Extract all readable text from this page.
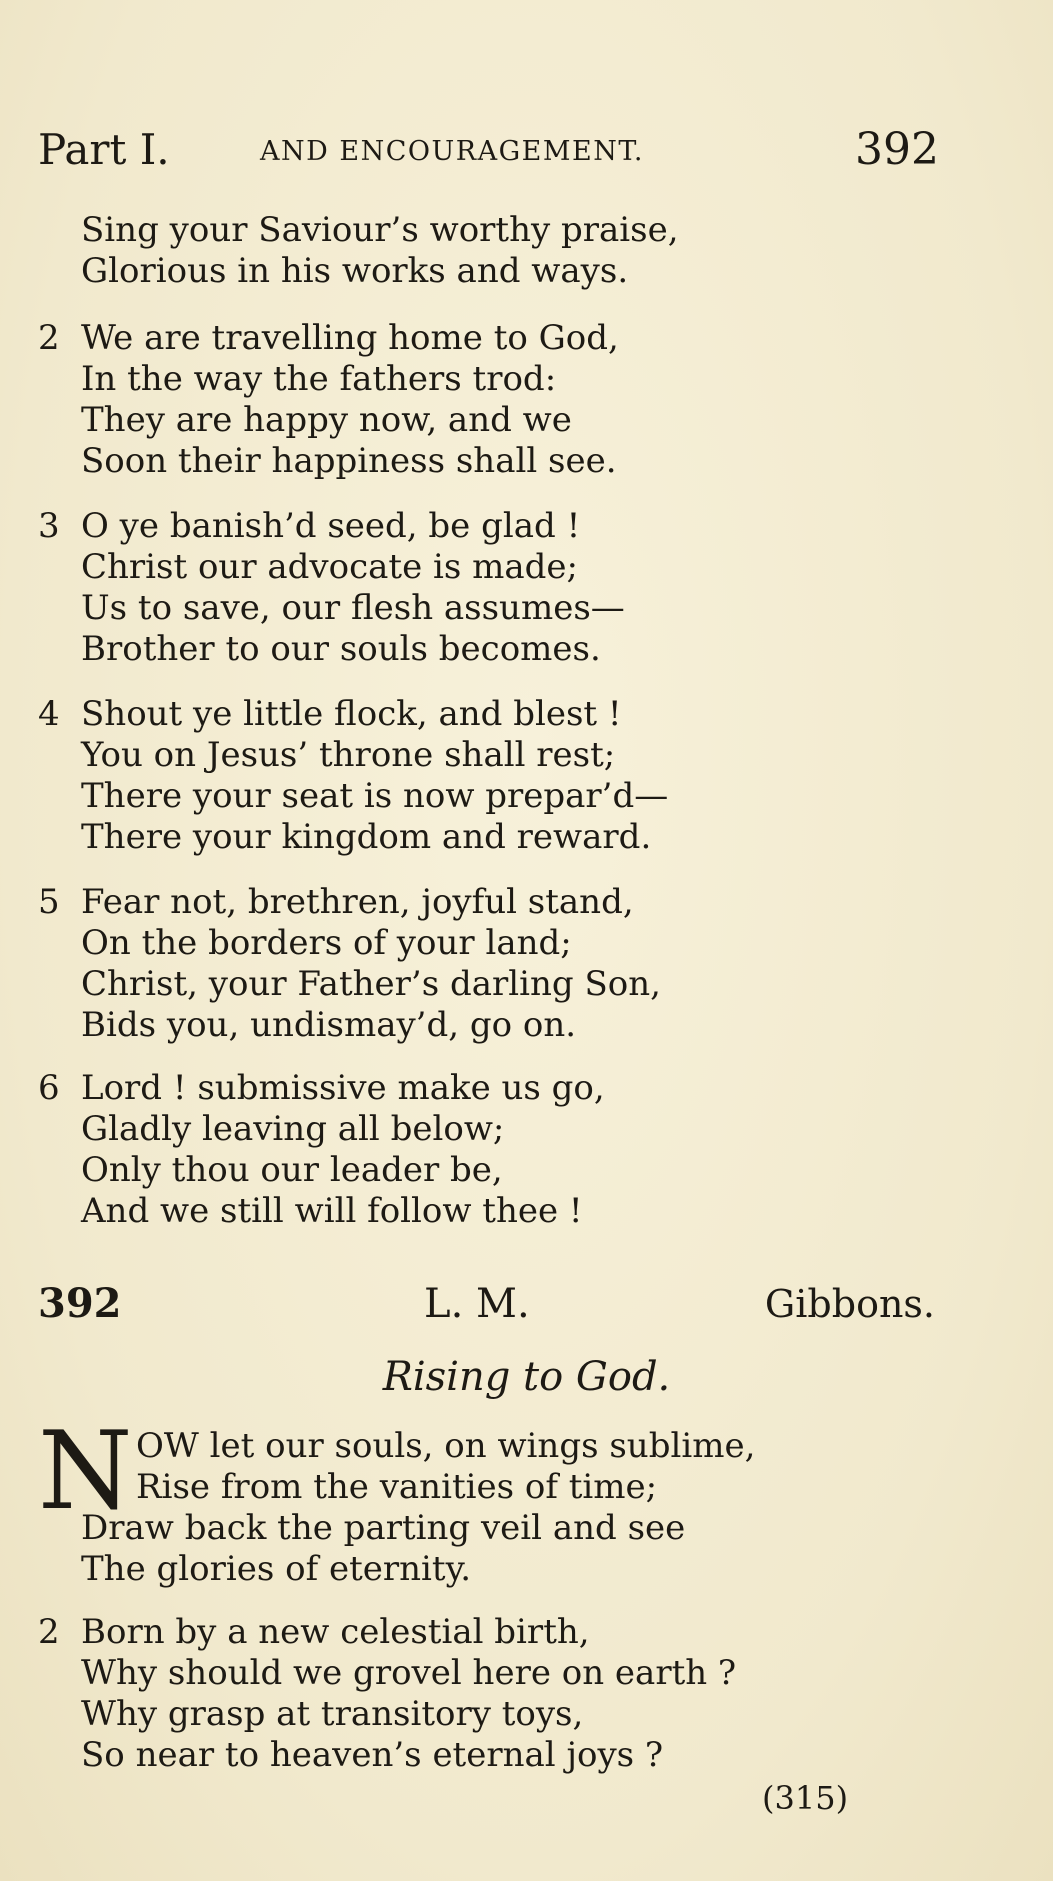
Part I.	AND ENCOURAGEMENT.	392
Sing your Saviour’s worthy praise,
Glorious in his works and ways.
2 We are travelling home to God,
In the way the fathers trod:
They are happy now, and we
Soon their happiness shall see.
3 O ye banish’d seed, be glad !
Christ our advocate is made;
Us to save, our flesh assumes—
Brother to our souls becomes.
4 Shout ye little flock, and blest !
You on Jesus’ throne shall rest;
There your seat is now prepar’d—
There your kingdom and reward.
5 Fear not, brethren, joyful stand,
On the borders of your land;
Christ, your Father’s darling Son,
Bids you, undismay’d, go on.
6 Lord ! submissive make us go,
Gladly leaving all below;
Only thou our leader be,
And we still will follow thee !
392	L. M.	Gibbons.
Rising to God.
N OW let our souls, on wings sublime,
Rise from the vanities of time;
Draw back the parting veil and see
The glories of eternity.
2 Born by a new celestial birth,
Why should we grovel here on earth ?
Why grasp at transitory toys,
So near to heaven’s eternal joys ?
(315)
